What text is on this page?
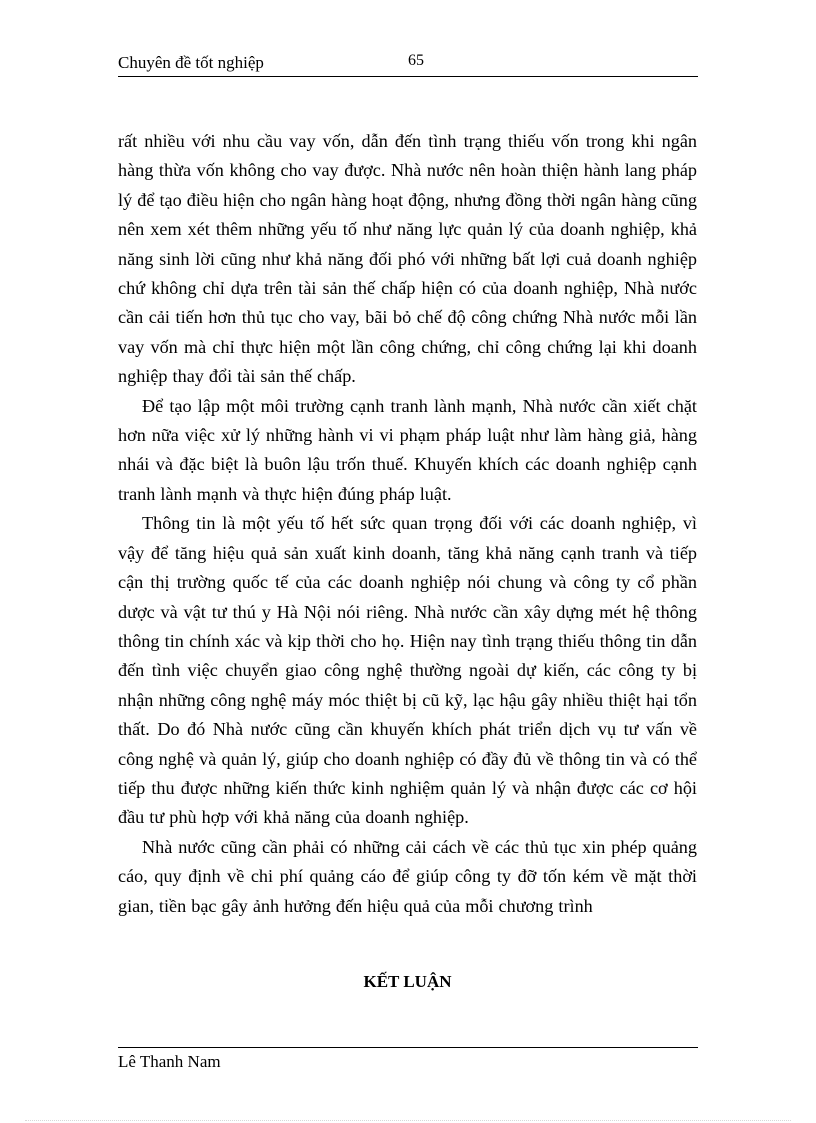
Chuyên đề tốt nghiệp	65

rất nhiều với nhu cầu vay vốn, dẫn đến tình trạng thiếu vốn trong khi ngân hàng thừa vốn không cho vay được. Nhà nước nên hoàn thiện hành lang pháp lý để tạo điều hiện cho ngân hàng hoạt động, nhưng đồng thời ngân hàng cũng nên xem xét thêm những yếu tố như năng lực quản lý của doanh nghiệp, khả năng sinh lời cũng như khả năng đối phó với những bất lợi cuả doanh nghiệp chứ không chỉ dựa trên tài sản thế chấp hiện có của doanh nghiệp, Nhà nước cần cải tiến hơn thủ tục cho vay, bãi bỏ chế độ công chứng Nhà nước mỗi lần vay vốn mà chỉ thực hiện một lần công chứng, chỉ công chứng lại khi doanh nghiệp thay đổi tài sản thế chấp.

Để tạo lập một môi trường cạnh tranh lành mạnh, Nhà nước cần xiết chặt hơn nữa việc xử lý những hành vi vi phạm pháp luật như làm hàng giả, hàng nhái và đặc biệt là buôn lậu trốn thuế. Khuyến khích các doanh nghiệp cạnh tranh lành mạnh và thực hiện đúng pháp luật.

Thông tin là một yếu tố hết sức quan trọng đối với các doanh nghiệp, vì vậy để tăng hiệu quả sản xuất kinh doanh, tăng khả năng cạnh tranh và tiếp cận thị trường quốc tế của các doanh nghiệp nói chung và công ty cổ phần dược và vật tư thú y Hà Nội nói riêng. Nhà nước cần xây dựng mét hệ thông thông tin chính xác và kịp thời cho họ. Hiện nay tình trạng thiếu thông tin dẫn đến tình việc chuyển giao công nghệ thường ngoài dự kiến, các công ty bị nhận những công nghệ máy móc thiệt bị cũ kỹ, lạc hậu gây nhiều thiệt hại tổn thất. Do đó Nhà nước cũng cần khuyến khích phát triển dịch vụ tư vấn về công nghệ và quản lý, giúp cho doanh nghiệp có đầy đủ về thông tin và có thể tiếp thu được những kiến thức kinh nghiệm quản lý và nhận được các cơ hội đầu tư phù hợp với khả năng của doanh nghiệp.

Nhà nước cũng cần phải có những cải cách về các thủ tục xin phép quảng cáo, quy định về chi phí quảng cáo để giúp công ty đỡ tốn kém về mặt thời gian, tiền bạc gây ảnh hưởng đến hiệu quả của mỗi chương trình

KẾT LUẬN
Lê Thanh Nam
